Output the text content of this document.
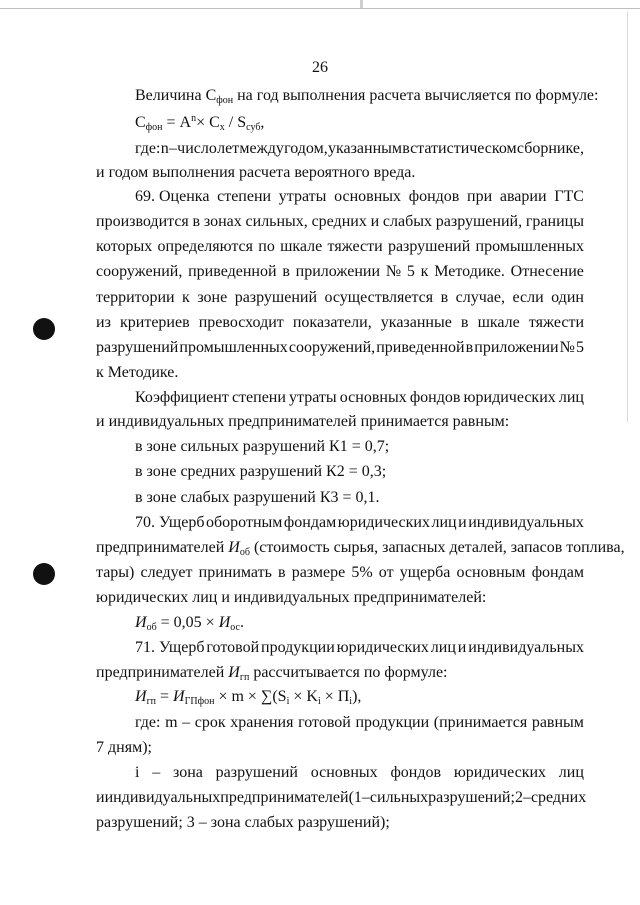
26
Величина $С_{фон}$ на год выполнения расчета вычисляется по формуле:
$С_{фон} = A^n\times С_х / S_{суб}$,
где: n – число лет между годом, указанным в статистическом сборнике,
и годом выполнения расчета вероятного вреда.
69. Оценка степени утраты основных фондов при аварии ГТС
производится в зонах сильных, средних и слабых разрушений, границы
которых определяются по шкале тяжести разрушений промышленных
сооружений, приведенной в приложении № 5 к Методике. Отнесение
территории к зоне разрушений осуществляется в случае, если один
из критериев превосходит показатели, указанные в шкале тяжести
разрушений промышленных сооружений, приведенной в приложении № 5
к Методике.
Коэффициент степени утраты основных фондов юридических лиц
и индивидуальных предпринимателей принимается равным:
в зоне сильных разрушений К1 = 0,7;
в зоне средних разрушений К2 = 0,3;
в зоне слабых разрушений К3 = 0,1.
70. Ущерб оборотным фондам юридических лиц и индивидуальных
предпринимателей $И_{об}$ (стоимость сырья, запасных деталей, запасов топлива,
тары) следует принимать в размере 5% от ущерба основным фондам
юридических лиц и индивидуальных предпринимателей:
$И_{об} = 0,05 \times И_{ос}$.
71. Ущерб готовой продукции юридических лиц и индивидуальных
предпринимателей $И_{гп}$ рассчитывается по формуле:
$И_{гп} = И_{ГПфон} \times m \times \sum(S_i \times K_i \times П_i)$,
где: m – срок хранения готовой продукции (принимается равным
7 дням);
i – зона разрушений основных фондов юридических лиц
и индивидуальных предпринимателей (1 – сильных разрушений; 2 – средних
разрушений; 3 – зона слабых разрушений);
